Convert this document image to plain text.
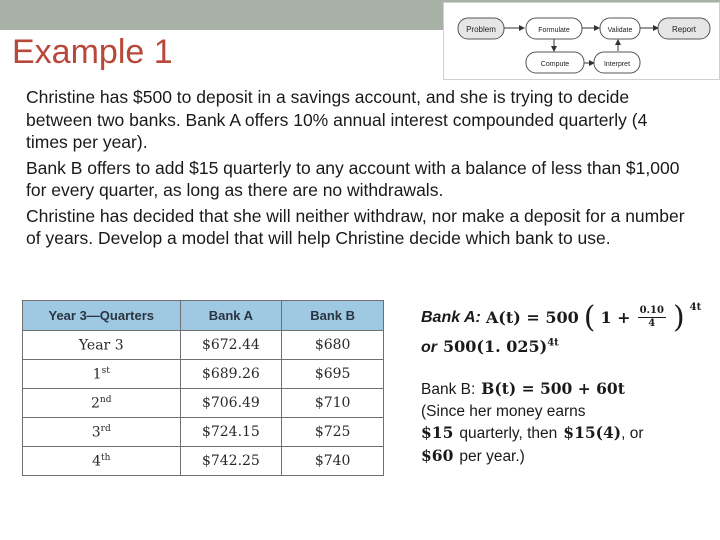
Example 1
Problem	Formulate	Validate	Report
Compute	Interpret

Christine has $500 to deposit in a savings account, and she is trying to decide between two banks. Bank A offers 10% annual interest compounded quarterly (4 times per year).

Bank B offers to add $15 quarterly to any account with a balance of less than $1,000 for every quarter, as long as there are no withdrawals.

Christine has decided that she will neither withdraw, nor make a deposit for a number of years. Develop a model that will help Christine decide which bank to use.

Year 3—Quarters	Bank A	Bank B
Year 3	$672.44	$680
1st	$689.26	$695
2nd	$706.49	$710
3rd	$724.15	$725
4th	$742.25	$740
Bank A: A(t) = 500 ( $1 + \frac{0.10}{4}$ ) 4t
or 500(1. 025)$^{4t}$
Bank B: B(t) = 500 + 60t
(Since her money earns
$15 quarterly, then $15(4) , or
$60 per year.)
